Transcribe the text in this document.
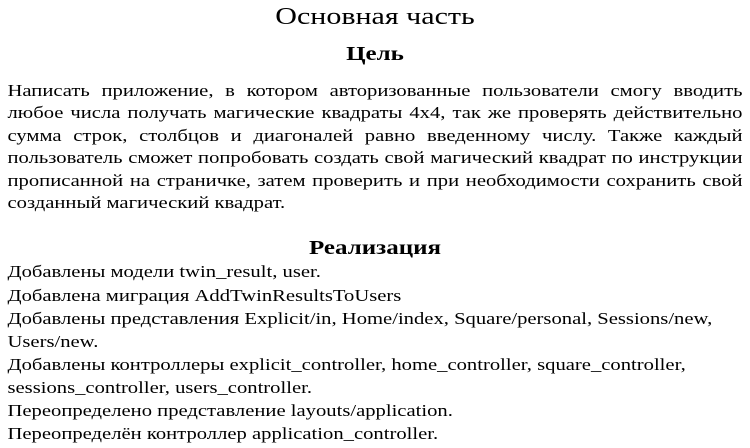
Основная часть
Цель

Написать приложение, в котором авторизованные пользователи смогу вводить любое числа получать магические квадраты 4х4, так же проверять действительно сумма строк, столбцов и диагоналей равно введенному числу. Также каждый пользователь сможет попробовать создать свой магический квадрат по инструкции прописанной на страничке, затем проверить и при необходимости сохранить свой созданный магический квадрат.

Реализация

Добавлены модели twin_result, user.

Добавлена миграция AddTwinResultsToUsers

Добавлены представления Explicit/in, Home/index, Square/personal, Sessions/new, Users/new.

Добавлены контроллеры explicit_controller, home_controller, square_controller, sessions_controller, users_controller.

Переопределено представление layouts/application.

Переопределён контроллер application_controller.
